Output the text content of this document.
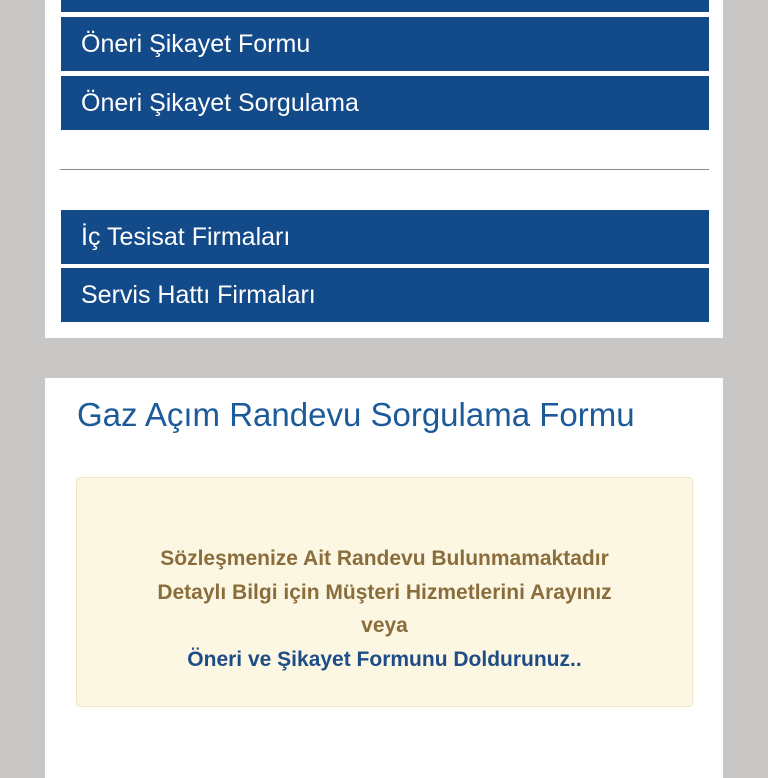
Öneri Şikayet Formu
Öneri Şikayet Sorgulama
İç Tesisat Firmaları
Servis Hattı Firmaları
Gaz Açım Randevu Sorgulama Formu
Sözleşmenize Ait Randevu Bulunmamaktadır
Detaylı Bilgi için Müşteri Hizmetlerini Arayınız
veya
Öneri ve Şikayet Formunu Doldurunuz..
